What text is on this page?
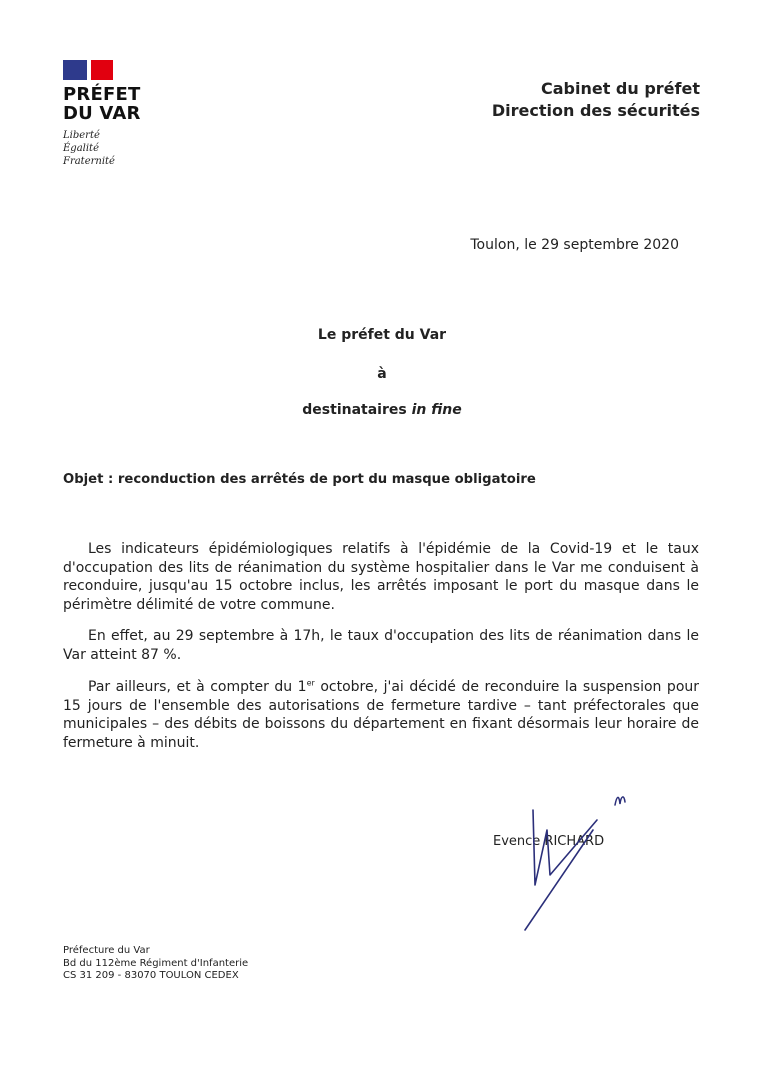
PRÉFET
DU VAR
Liberté
Égalité
Fraternité
Cabinet du préfet
Direction des sécurités
Toulon, le 29 septembre 2020
Le préfet du Var
à
destinataires in fine
Objet : reconduction des arrêtés de port du masque obligatoire

Les indicateurs épidémiologiques relatifs à l'épidémie de la Covid-19 et le taux d'occupation des lits de réanimation du système hospitalier dans le Var me conduisent à reconduire, jusqu'au 15 octobre inclus, les arrêtés imposant le port du masque dans le périmètre délimité de votre commune.

En effet, au 29 septembre à 17h, le taux d'occupation des lits de réanimation dans le Var atteint 87 %.

Par ailleurs, et à compter du 1er octobre, j'ai décidé de reconduire la suspension pour 15 jours de l'ensemble des autorisations de fermeture tardive – tant préfectorales que municipales – des débits de boissons du département en fixant désormais leur horaire de fermeture à minuit.

Evence RICHARD
Préfecture du Var
Bd du 112ème Régiment d'Infanterie
CS 31 209 - 83070 TOULON CEDEX
